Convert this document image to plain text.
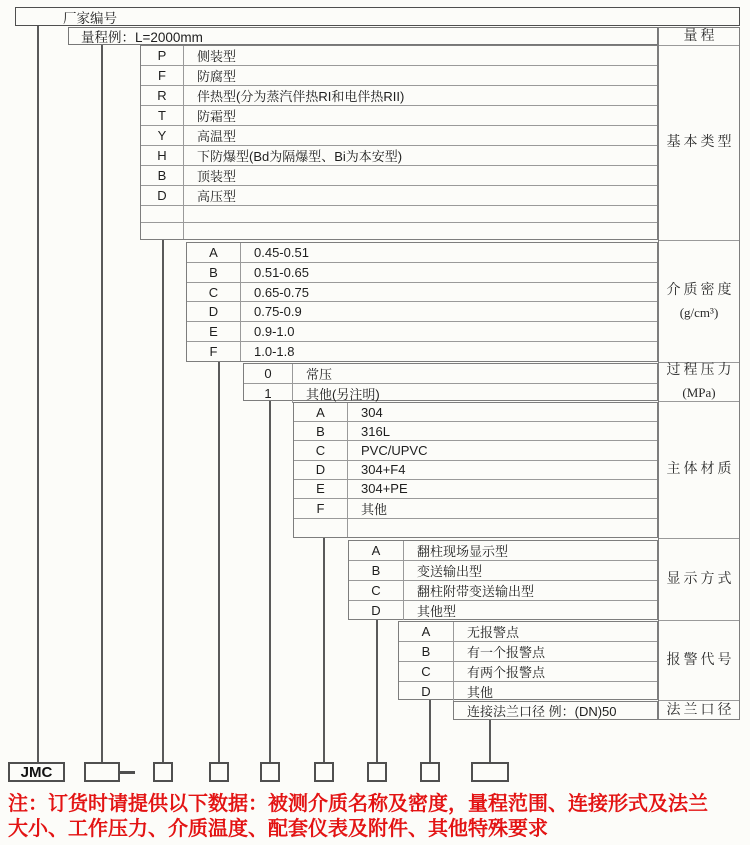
厂家编号
量程例：L=2000mm
P	侧装型
F	防腐型
R	伴热型(分为蒸汽伴热RI和电伴热RII)
T	防霜型
Y	高温型
H	下防爆型(Bd为隔爆型、Bi为本安型)
B	顶装型
D	高压型
A	0.45-0.51
B	0.51-0.65
C	0.65-0.75
D	0.75-0.9
E	0.9-1.0
F	1.0-1.8
0	常压
1	其他(另注明)
A	304
B	316L
C	PVC/UPVC
D	304+F4
E	304+PE
F	其他
A	翻柱现场显示型
B	变送输出型
C	翻柱附带变送输出型
D	其他型
A	无报警点
B	有一个报警点
C	有两个报警点
D	其他
连接法兰口径 例：(DN)50
量程
基本类型
介质密度
(g/cm³)
过程压力
(MPa)
主体材质
显示方式
报警代号
法兰口径
JMC
注：订货时请提供以下数据：被测介质名称及密度，量程范围、连接形式及法兰
大小、工作压力、介质温度、配套仪表及附件、其他特殊要求
